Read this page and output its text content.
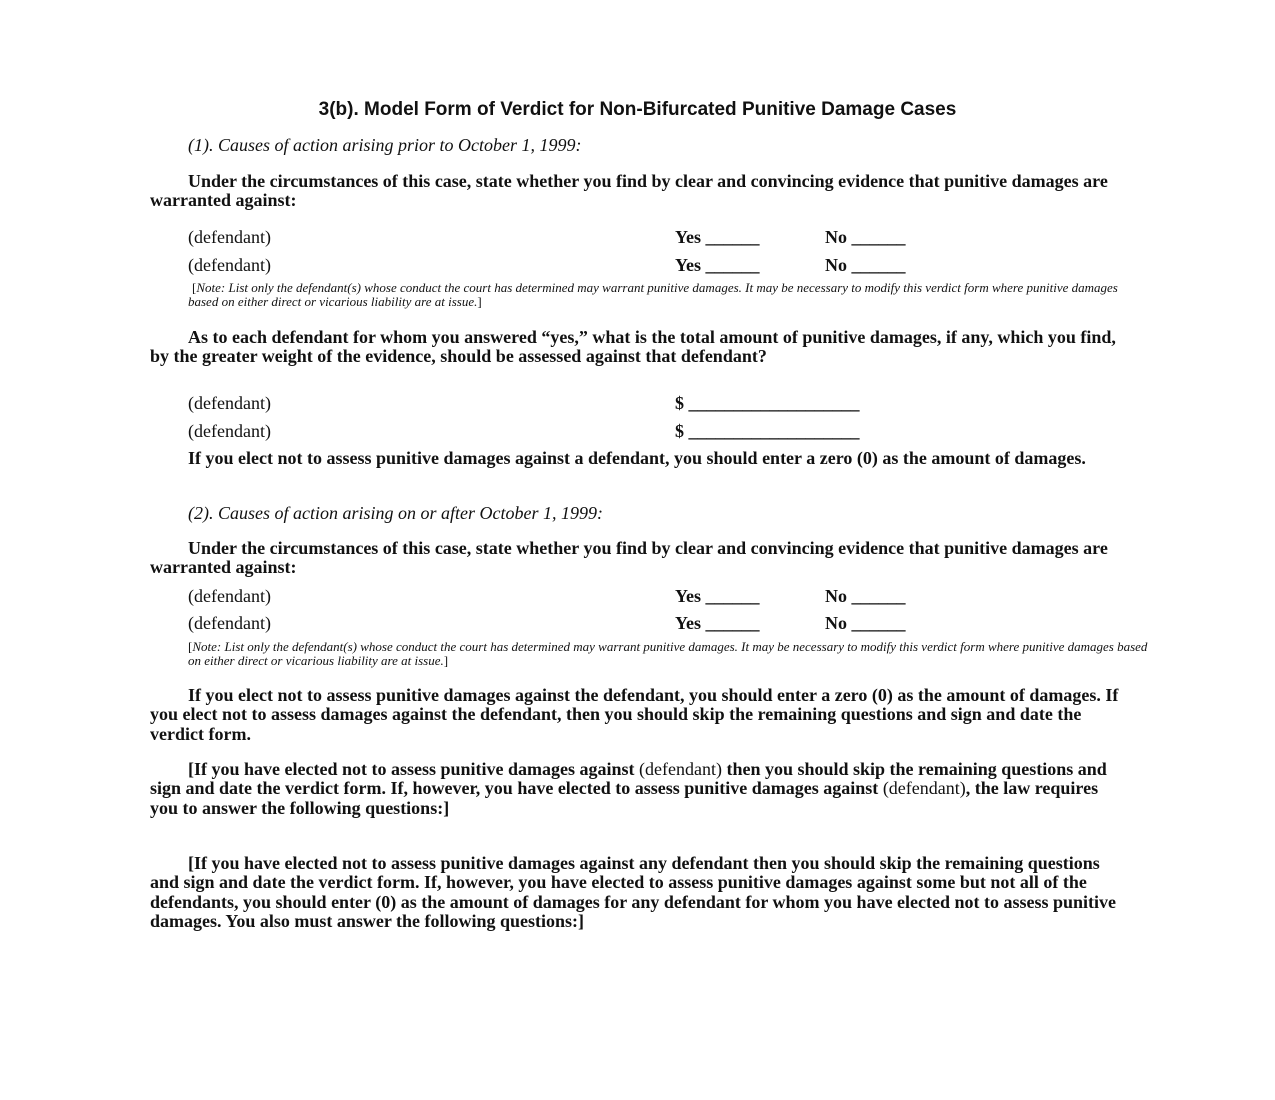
3(b). Model Form of Verdict for Non-Bifurcated Punitive Damage Cases
(1). Causes of action arising prior to October 1, 1999:

Under the circumstances of this case, state whether you find by clear and convincing evidence that punitive damages are warranted against:

(defendant)	Yes ______	No ______
(defendant)	Yes ______	No ______

[Note: List only the defendant(s) whose conduct the court has determined may warrant punitive damages. It may be necessary to modify this verdict form where punitive damages based on either direct or vicarious liability are at issue.]

As to each defendant for whom you answered “yes,” what is the total amount of punitive damages, if any, which you find, by the greater weight of the evidence, should be assessed against that defendant?

(defendant)	$ ___________________
(defendant)	$ ___________________

If you elect not to assess punitive damages against a defendant, you should enter a zero (0) as the amount of damages.

(2). Causes of action arising on or after October 1, 1999:

Under the circumstances of this case, state whether you find by clear and convincing evidence that punitive damages are warranted against:

(defendant)	Yes ______	No ______
(defendant)	Yes ______	No ______

[Note: List only the defendant(s) whose conduct the court has determined may warrant punitive damages. It may be necessary to modify this verdict form where punitive damages based on either direct or vicarious liability are at issue.]

If you elect not to assess punitive damages against the defendant, you should enter a zero (0) as the amount of damages. If you elect not to assess damages against the defendant, then you should skip the remaining questions and sign and date the verdict form.

[If you have elected not to assess punitive damages against (defendant) then you should skip the remaining questions and sign and date the verdict form. If, however, you have elected to assess punitive damages against (defendant), the law requires you to answer the following questions:]

[If you have elected not to assess punitive damages against any defendant then you should skip the remaining questions and sign and date the verdict form. If, however, you have elected to assess punitive damages against some but not all of the defendants, you should enter (0) as the amount of damages for any defendant for whom you have elected not to assess punitive damages. You also must answer the following questions:]
